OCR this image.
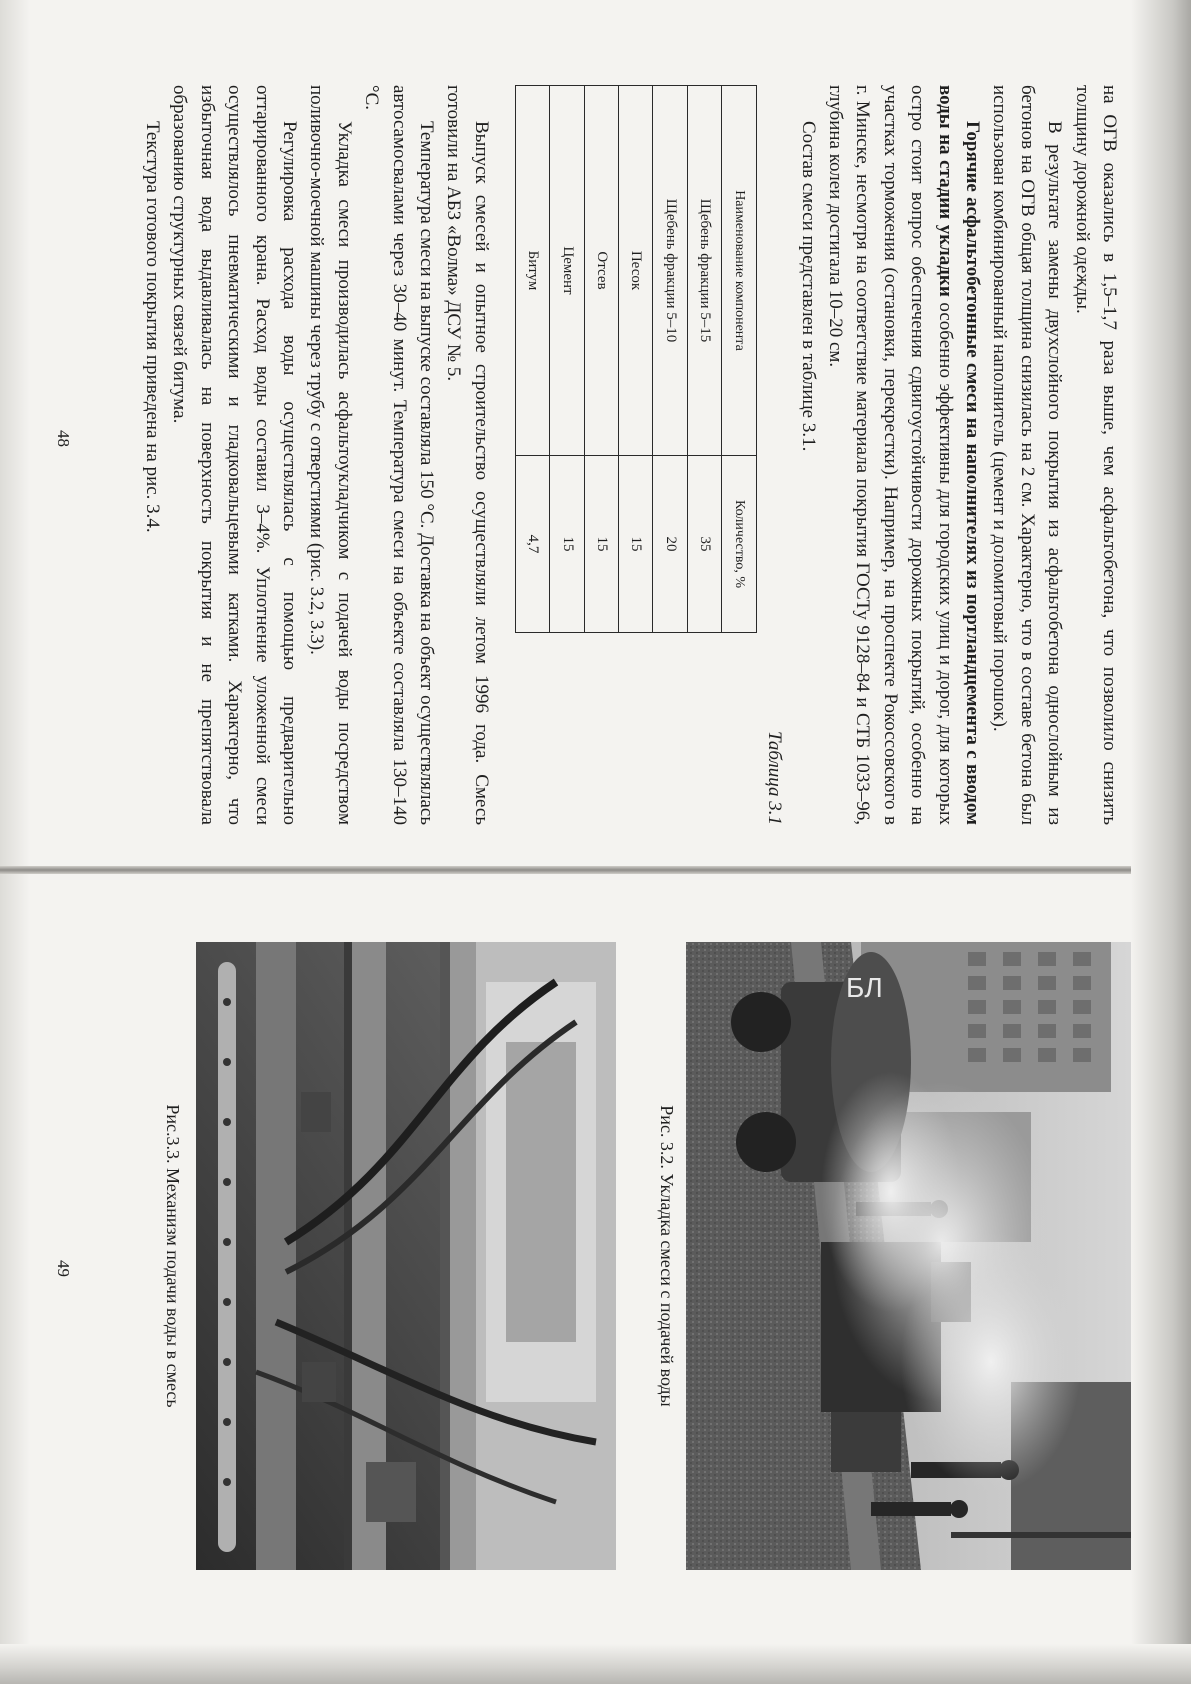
на ОГВ оказались в 1,5–1,7 раза выше, чем асфальтобетона, что позволило снизить толщину дорожной одежды.

В результате замены двухслойного покрытия из асфальтобетона однослойным из бетонов на ОГВ общая толщина снизилась на 2 см. Характерно, что в составе бетона был использован комбинированный наполнитель (цемент и доломитовый порошок).

Горячие асфальтобетонные смеси на наполнителях из портландцемента с вводом воды на стадии укладки особенно эффективны для городских улиц и дорог, для которых остро стоит вопрос обеспечения сдвигоустойчивости дорожных покрытий, особенно на участках торможения (остановки, перекрестки). Например, на проспекте Рокоссовского в г. Минске, несмотря на соответствие материала покрытия ГОСТу 9128–84 и СТБ 1033–96, глубина колеи достигала 10–20 см.

Состав смеси представлен в таблице 3.1.

Таблица 3.1
Наименование компонента	Количество, %
Щебень фракции 5–15	35
Щебень фракции 5–10	20
Песок	15
Отсев	15
Цемент	15
Битум	4,7

Выпуск смесей и опытное строительство осуществляли летом 1996 года. Смесь готовили на АБЗ «Волма» ДСУ № 5.

Температура смеси на выпуске составляла 150 °С. Доставка на объект осуществлялась автосамосвалами через 30–40 минут. Температура смеси на объекте составляла 130–140 °С.

Укладка смеси производилась асфальтоукладчиком с подачей воды посредством поливочно-моечной машины через трубу с отверстиями (рис. 3.2, 3.3).

Регулировка расхода воды осуществлялась с помощью предварительно оттарированного крана. Расход воды составил 3–4%. Уплотнение уложенной смеси осуществлялось пневматическими и гладковальцевыми катками. Характерно, что избыточная вода выдавливалась на поверхность покрытия и не препятствовала образованию структурных связей битума.

Текстура готового покрытия приведена на рис. 3.4.

48
БЛ
Рис. 3.2. Укладка смеси с подачей воды
Рис.3.3. Механизм подачи воды в смесь
49
